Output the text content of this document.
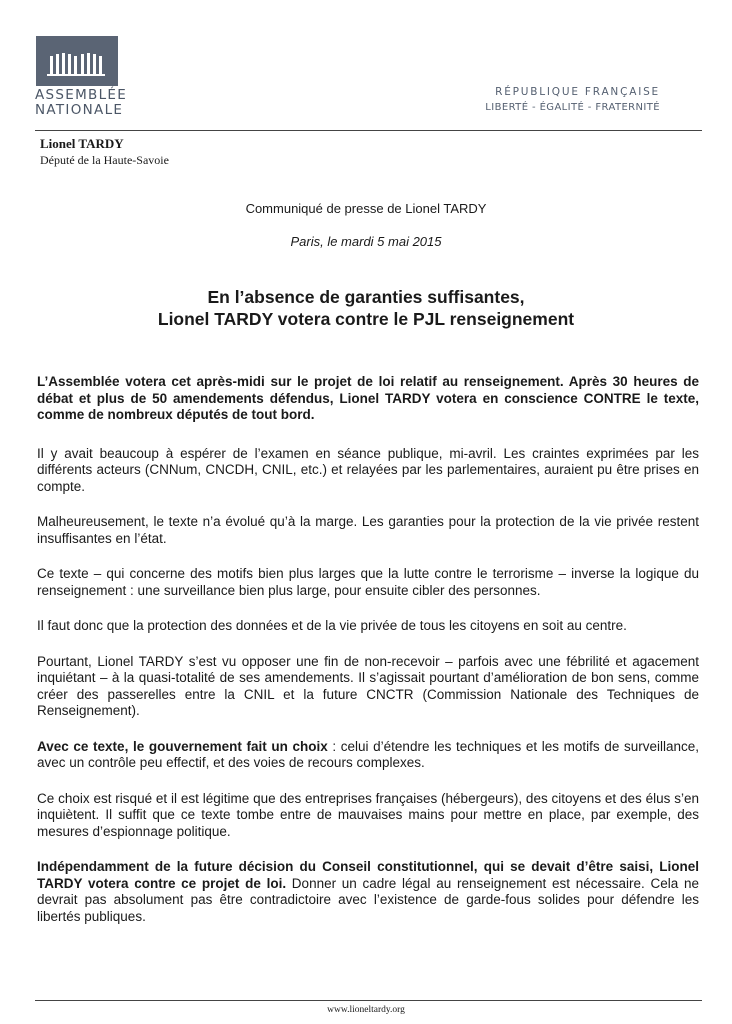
ASSEMBLÉE
NATIONALE
RÉPUBLIQUE FRANÇAISE
LIBERTÉ - ÉGALITÉ - FRATERNITÉ
Lionel TARDY
Député de la Haute-Savoie
Communiqué de presse de Lionel TARDY
Paris, le mardi 5 mai 2015
En l’absence de garanties suffisantes,
Lionel TARDY votera contre le PJL renseignement

L’Assemblée votera cet après-midi sur le projet de loi relatif au renseignement. Après 30 heures de débat et plus de 50 amendements défendus, Lionel TARDY votera en conscience CONTRE le texte, comme de nombreux députés de tout bord.

Il y avait beaucoup à espérer de l’examen en séance publique, mi-avril. Les craintes exprimées par les différents acteurs (CNNum, CNCDH, CNIL, etc.) et relayées par les parlementaires, auraient pu être prises en compte.

Malheureusement, le texte n’a évolué qu’à la marge. Les garanties pour la protection de la vie privée restent insuffisantes en l’état.

Ce texte – qui concerne des motifs bien plus larges que la lutte contre le terrorisme – inverse la logique du renseignement : une surveillance bien plus large, pour ensuite cibler des personnes.

Il faut donc que la protection des données et de la vie privée de tous les citoyens en soit au centre.

Pourtant, Lionel TARDY s’est vu opposer une fin de non-recevoir – parfois avec une fébrilité et agacement inquiétant – à la quasi-totalité de ses amendements. Il s’agissait pourtant d’amélioration de bon sens, comme créer des passerelles entre la CNIL et la future CNCTR (Commission Nationale des Techniques de Renseignement).

Avec ce texte, le gouvernement fait un choix : celui d’étendre les techniques et les motifs de surveillance, avec un contrôle peu effectif, et des voies de recours complexes.

Ce choix est risqué et il est légitime que des entreprises françaises (hébergeurs), des citoyens et des élus s’en inquiètent. Il suffit que ce texte tombe entre de mauvaises mains pour mettre en place, par exemple, des mesures d’espionnage politique.

Indépendamment de la future décision du Conseil constitutionnel, qui se devait d’être saisi, Lionel TARDY votera contre ce projet de loi. Donner un cadre légal au renseignement est nécessaire. Cela ne devrait pas absolument pas être contradictoire avec l’existence de garde-fous solides pour défendre les libertés publiques.

www.lioneltardy.org
